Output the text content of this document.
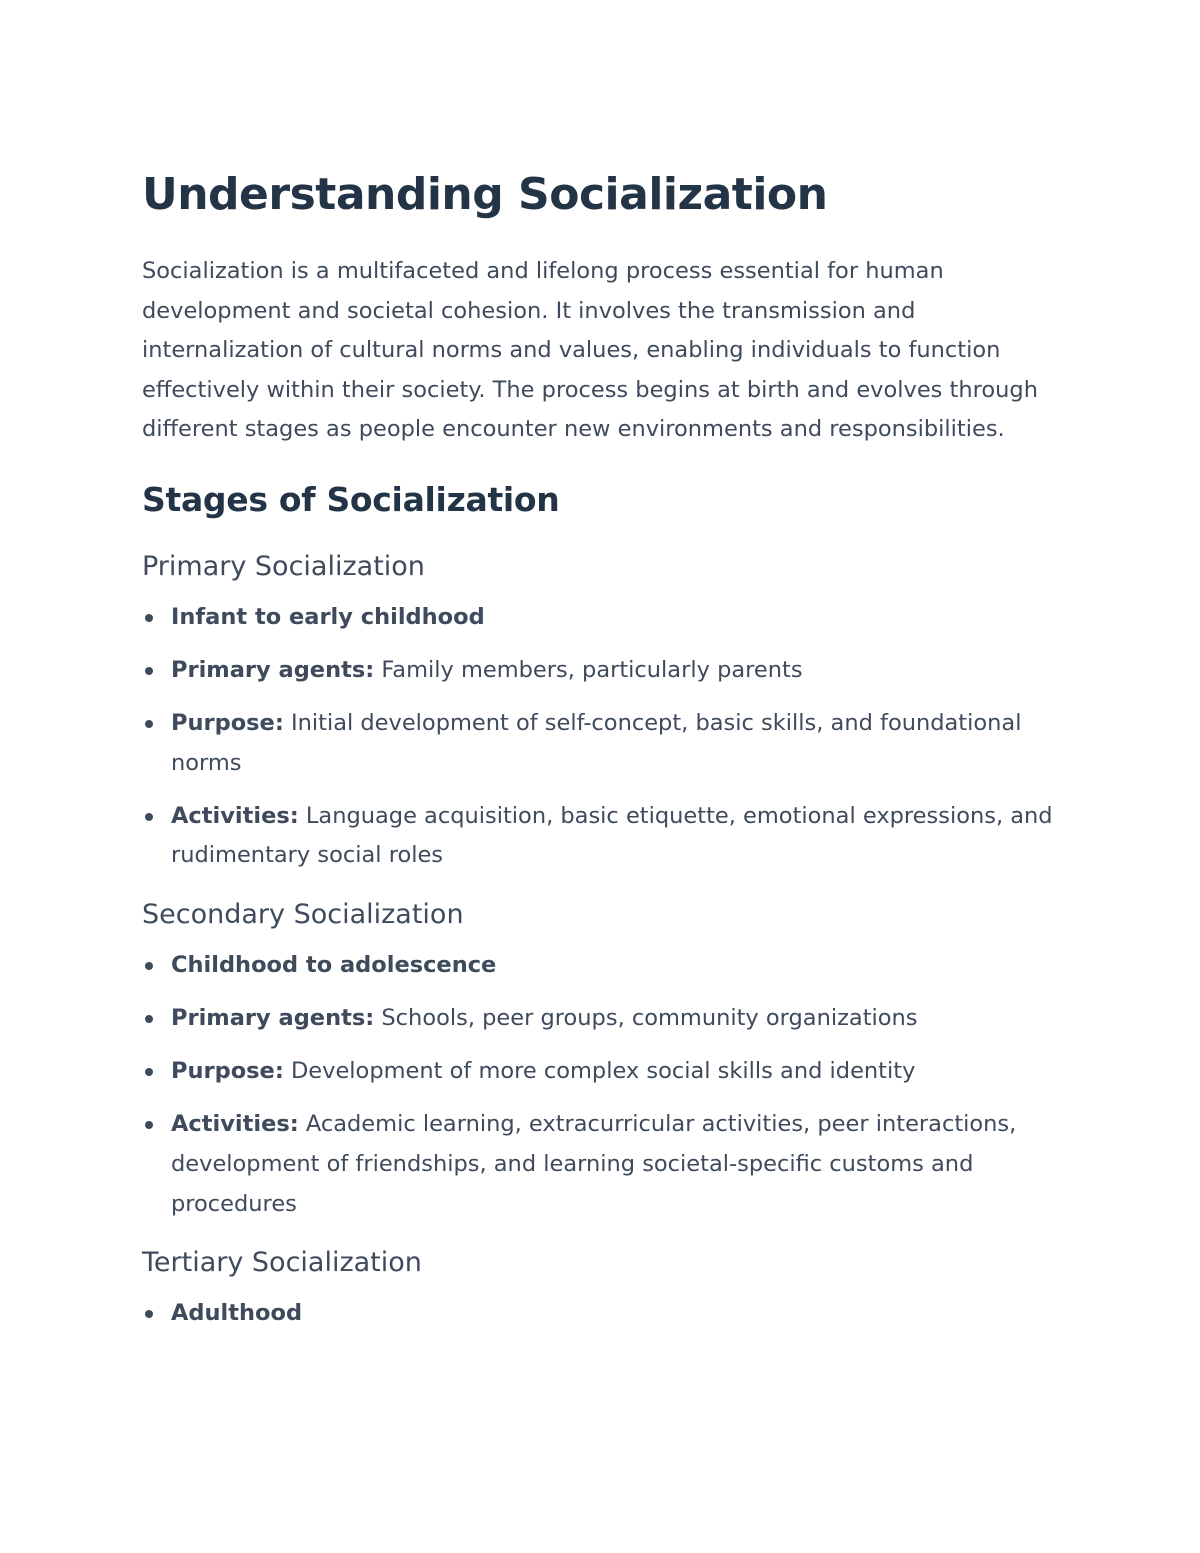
Understanding Socialization

Socialization is a multifaceted and lifelong process essential for human development and societal cohesion. It involves the transmission and internalization of cultural norms and values, enabling individuals to function effectively within their society. The process begins at birth and evolves through different stages as people encounter new environments and responsibilities.

Stages of Socialization
Primary Socialization
Infant to early childhood
Primary agents: Family members, particularly parents
Purpose: Initial development of self-concept, basic skills, and foundational norms
Activities: Language acquisition, basic etiquette, emotional expressions, and rudimentary social roles
Secondary Socialization
Childhood to adolescence
Primary agents: Schools, peer groups, community organizations
Purpose: Development of more complex social skills and identity
Activities: Academic learning, extracurricular activities, peer interactions, development of friendships, and learning societal-specific customs and procedures
Tertiary Socialization
Adulthood
